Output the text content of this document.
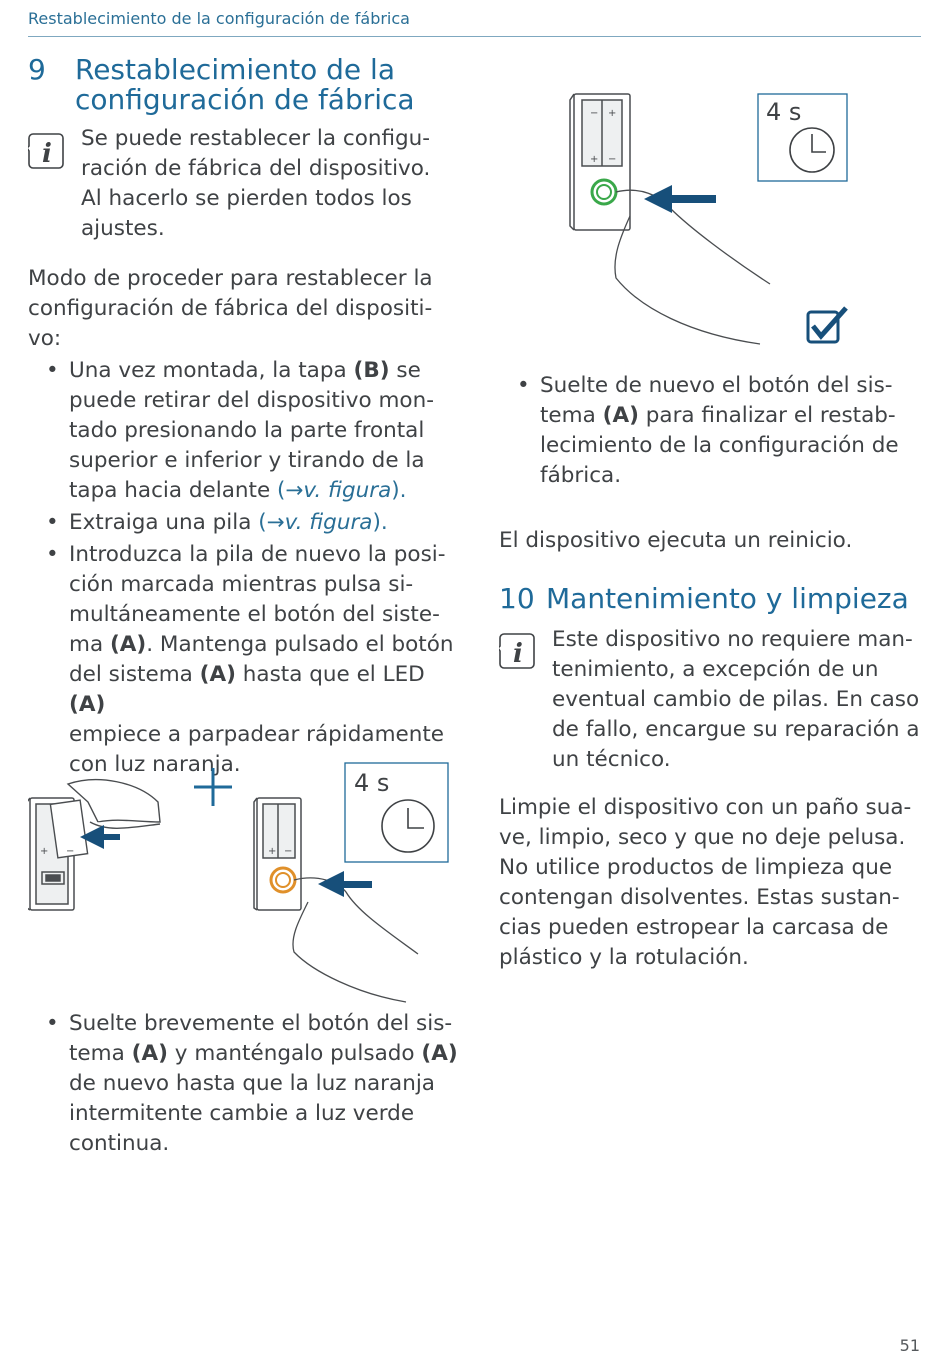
Restablecimiento de la configuración de fábrica
9 Restablecimiento de la
configuración de fábrica
i
Se puede restablecer la configu-
ración de fábrica del dispositivo.
Al hacerlo se pierden todos los
ajustes.
Modo de proceder para restablecer la
configuración de fábrica del dispositi-
vo:
• Una vez montada, la tapa (B) se
puede retirar del dispositivo mon-
tado presionando la parte frontal
superior e inferior y tirando de la
tapa hacia delante (→v. figura).
• Extraiga una pila (→v. figura).
• Introduzca la pila de nuevo la posi-
ción marcada mientras pulsa si-
multáneamente el botón del siste-
ma (A). Mantenga pulsado el botón
del sistema (A) hasta que el LED (A)
empiece a parpadear rápidamente
con luz naranja.
+ −	+ −
4 s
• Suelte brevemente el botón del sis-
tema (A) y manténgalo pulsado (A)
de nuevo hasta que la luz naranja
intermitente cambie a luz verde
continua.
− +
+ −
4 s
• Suelte de nuevo el botón del sis-
tema (A) para finalizar el restab-
lecimiento de la configuración de
fábrica.
El dispositivo ejecuta un reinicio.
10 Mantenimiento y limpieza
i Este dispositivo no requiere man-
tenimiento, a excepción de un
eventual cambio de pilas. En caso
de fallo, encargue su reparación a
un técnico.
Limpie el dispositivo con un paño sua-
ve, limpio, seco y que no deje pelusa.
No utilice productos de limpieza que
contengan disolventes. Estas sustan-
cias pueden estropear la carcasa de
plástico y la rotulación.
51
